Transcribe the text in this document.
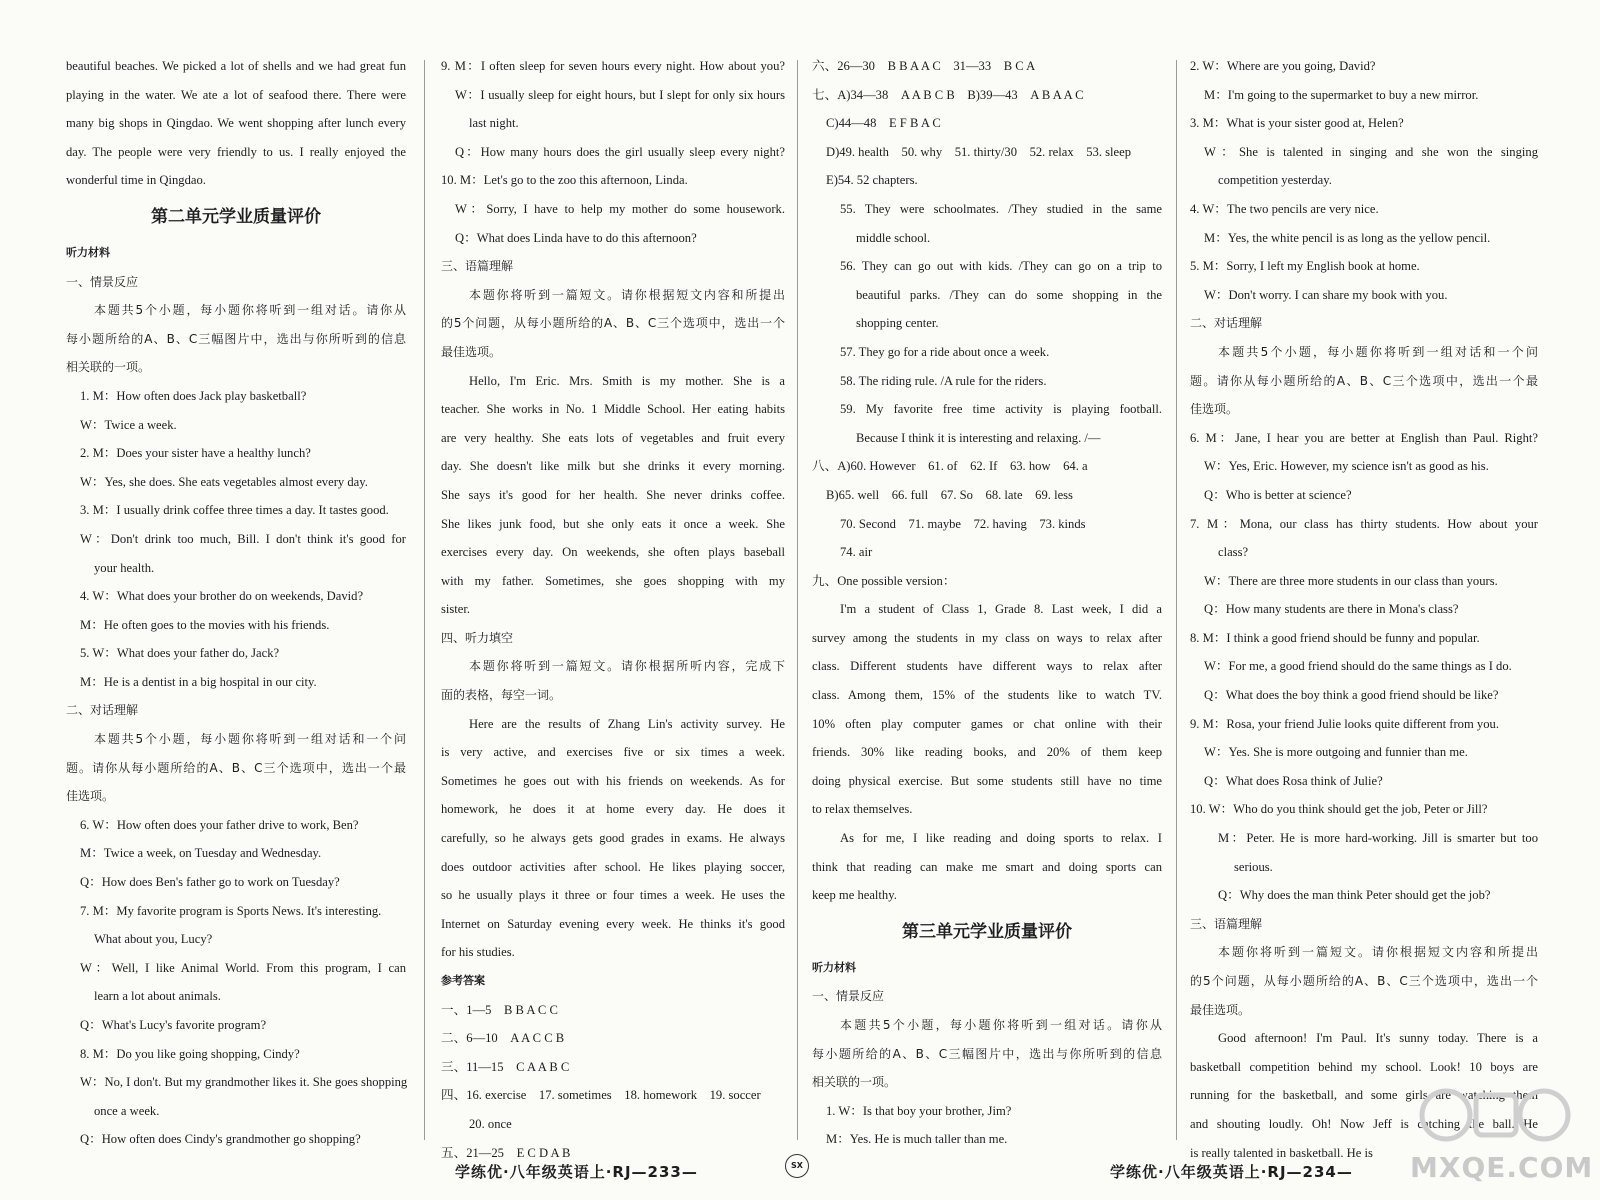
beautiful beaches. We picked a lot of shells and we had great fun
playing in the water. We ate a lot of seafood there. There were
many big shops in Qingdao. We went shopping after lunch every
day. The people were very friendly to us. I really enjoyed the
wonderful time in Qingdao.
第二单元学业质量评价
听力材料
一、情景反应
本题共5个小题，每小题你将听到一组对话。请你从
每小题所给的A、B、C三幅图片中，选出与你所听到的信息
相关联的一项。
1. M：How often does Jack play basketball?
W：Twice a week.
2. M：Does your sister have a healthy lunch?
W：Yes, she does. She eats vegetables almost every day.
3. M：I usually drink coffee three times a day. It tastes good.
W：Don't drink too much, Bill. I don't think it's good for
your health.
4. W：What does your brother do on weekends, David?
M：He often goes to the movies with his friends.
5. W：What does your father do, Jack?
M：He is a dentist in a big hospital in our city.
二、对话理解
本题共5个小题，每小题你将听到一组对话和一个问
题。请你从每小题所给的A、B、C三个选项中，选出一个最
佳选项。
6. W：How often does your father drive to work, Ben?
M：Twice a week, on Tuesday and Wednesday.
Q：How does Ben's father go to work on Tuesday?
7. M：My favorite program is Sports News. It's interesting.
What about you, Lucy?
W：Well, I like Animal World. From this program, I can
learn a lot about animals.
Q：What's Lucy's favorite program?
8. M：Do you like going shopping, Cindy?
W：No, I don't. But my grandmother likes it. She goes shopping
once a week.
Q：How often does Cindy's grandmother go shopping?
9. M：I often sleep for seven hours every night. How about you?
W：I usually sleep for eight hours, but I slept for only six hours
last night.
Q：How many hours does the girl usually sleep every night?
10. M：Let's go to the zoo this afternoon, Linda.
W：Sorry, I have to help my mother do some housework.
Q：What does Linda have to do this afternoon?
三、语篇理解
本题你将听到一篇短文。请你根据短文内容和所提出
的5个问题，从每小题所给的A、B、C三个选项中，选出一个
最佳选项。
Hello, I'm Eric. Mrs. Smith is my mother. She is a
teacher. She works in No. 1 Middle School. Her eating habits
are very healthy. She eats lots of vegetables and fruit every
day. She doesn't like milk but she drinks it every morning.
She says it's good for her health. She never drinks coffee.
She likes junk food, but she only eats it once a week. She
exercises every day. On weekends, she often plays baseball
with my father. Sometimes, she goes shopping with my
sister.
四、听力填空
本题你将听到一篇短文。请你根据所听内容，完成下
面的表格，每空一词。
Here are the results of Zhang Lin's activity survey. He
is very active, and exercises five or six times a week.
Sometimes he goes out with his friends on weekends. As for
homework, he does it at home every day. He does it
carefully, so he always gets good grades in exams. He always
does outdoor activities after school. He likes playing soccer,
so he usually plays it three or four times a week. He uses the
Internet on Saturday evening every week. He thinks it's good
for his studies.
参考答案
一、1—5　B B A C C
二、6—10　A A C C B
三、11—15　C A A B C
四、16. exercise　17. sometimes　18. homework　19. soccer
20. once
五、21—25　E C D A B
六、26—30　B B A A C　31—33　B C A
七、A)34—38　A A B C B　B)39—43　A B A A C
C)44—48　E F B A C
D)49. health　50. why　51. thirty/30　52. relax　53. sleep
E)54. 52 chapters.
55. They were schoolmates. /They studied in the same
middle school.
56. They can go out with kids. /They can go on a trip to
beautiful parks. /They can do some shopping in the
shopping center.
57. They go for a ride about once a week.
58. The riding rule. /A rule for the riders.
59. My favorite free time activity is playing football.
Because I think it is interesting and relaxing. /—
八、A)60. However　61. of　62. If　63. how　64. a
B)65. well　66. full　67. So　68. late　69. less
70. Second　71. maybe　72. having　73. kinds
74. air
九、One possible version：
I'm a student of Class 1, Grade 8. Last week, I did a
survey among the students in my class on ways to relax after
class. Different students have different ways to relax after
class. Among them, 15% of the students like to watch TV.
10% often play computer games or chat online with their
friends. 30% like reading books, and 20% of them keep
doing physical exercise. But some students still have no time
to relax themselves.
As for me, I like reading and doing sports to relax. I
think that reading can make me smart and doing sports can
keep me healthy.
第三单元学业质量评价
听力材料
一、情景反应
本题共5个小题，每小题你将听到一组对话。请你从
每小题所给的A、B、C三幅图片中，选出与你所听到的信息
相关联的一项。
1. W：Is that boy your brother, Jim?
M：Yes. He is much taller than me.
2. W：Where are you going, David?
M：I'm going to the supermarket to buy a new mirror.
3. M：What is your sister good at, Helen?
W：She is talented in singing and she won the singing
competition yesterday.
4. W：The two pencils are very nice.
M：Yes, the white pencil is as long as the yellow pencil.
5. M：Sorry, I left my English book at home.
W：Don't worry. I can share my book with you.
二、对话理解
本题共5个小题，每小题你将听到一组对话和一个问
题。请你从每小题所给的A、B、C三个选项中，选出一个最
佳选项。
6. M：Jane, I hear you are better at English than Paul. Right?
W：Yes, Eric. However, my science isn't as good as his.
Q：Who is better at science?
7. M：Mona, our class has thirty students. How about your
class?
W：There are three more students in our class than yours.
Q：How many students are there in Mona's class?
8. M：I think a good friend should be funny and popular.
W：For me, a good friend should do the same things as I do.
Q：What does the boy think a good friend should be like?
9. M：Rosa, your friend Julie looks quite different from you.
W：Yes. She is more outgoing and funnier than me.
Q：What does Rosa think of Julie?
10. W：Who do you think should get the job, Peter or Jill?
M：Peter. He is more hard-working. Jill is smarter but too
serious.
Q：Why does the man think Peter should get the job?
三、语篇理解
本题你将听到一篇短文。请你根据短文内容和所提出
的5个问题，从每小题所给的A、B、C三个选项中，选出一个
最佳选项。
Good afternoon! I'm Paul. It's sunny today. There is a
basketball competition behind my school. Look! 10 boys are
running for the basketball, and some girls are watching them
and shouting loudly. Oh! Now Jeff is catching the ball. He
is really talented in basketball. He is
学练优·八年级英语上·RJ—233—	SX	学练优·八年级英语上·RJ—234— MXQE.COM
